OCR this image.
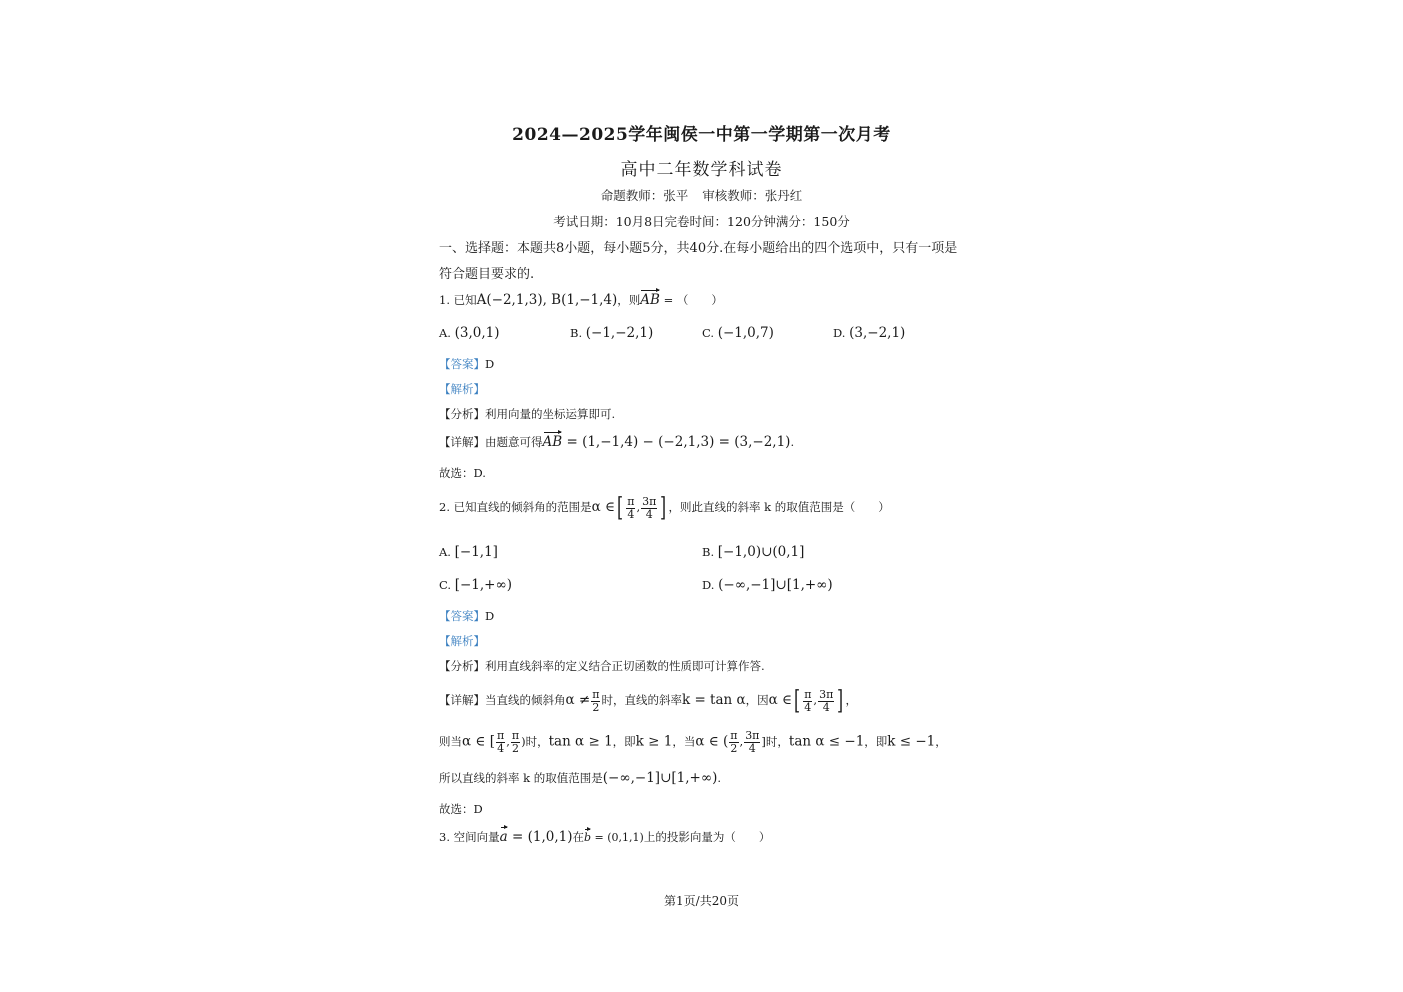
2024—2025学年闽侯一中第一学期第一次月考
高中二年数学科试卷
命题教师：张平 审核教师：张丹红
考试日期：10月8日完卷时间：120分钟满分：150分
一、选择题：本题共8小题，每小题5分，共40分.在每小题给出的四个选项中，只有一项是
符合题目要求的.
1. 已知A(−2,1,3), B(1,−1,4)，则AB = （　　）
A. (3,0,1)	B. (−1,−2,1)	C. (−1,0,7)	D. (3,−2,1)
【答案】D
【解析】
【分析】利用向量的坐标运算即可.
【详解】由题意可得AB = (1,−1,4) − (−2,1,3) = (3,−2,1).
故选：D.
2. 已知直线的倾斜角的范围是α ∈[ $\frac{\pi}{4}$ , $\frac{3\pi}{4}$ ] ，则此直线的斜率 k 的取值范围是（　　）
A. [−1,1]	B. [−1,0)∪(0,1]
C. [−1,+∞)	D. (−∞,−1]∪[1,+∞)
【答案】D
【解析】
【分析】利用直线斜率的定义结合正切函数的性质即可计算作答.
【详解】当直线的倾斜角$\alpha \ne \frac{\pi}{2}$ 时，直线的斜率k = tan α，因α ∈[ $\frac{\pi}{4}$ , $\frac{3\pi}{4}$ ] ，
则当α ∈ [ $\frac{\pi}{4}$ , $\frac{\pi}{2}$ )时，tan α ≥ 1，即k ≥ 1，当α ∈ ( $\frac{\pi}{2}$ , $\frac{3\pi}{4}$ ]时，tan α ≤ −1，即k ≤ −1，
所以直线的斜率 k 的取值范围是(−∞,−1]∪[1,+∞).
故选：D
3. 空间向量a = (1,0,1)在b = (0,1,1)上的投影向量为（　　）
第1页/共20页
